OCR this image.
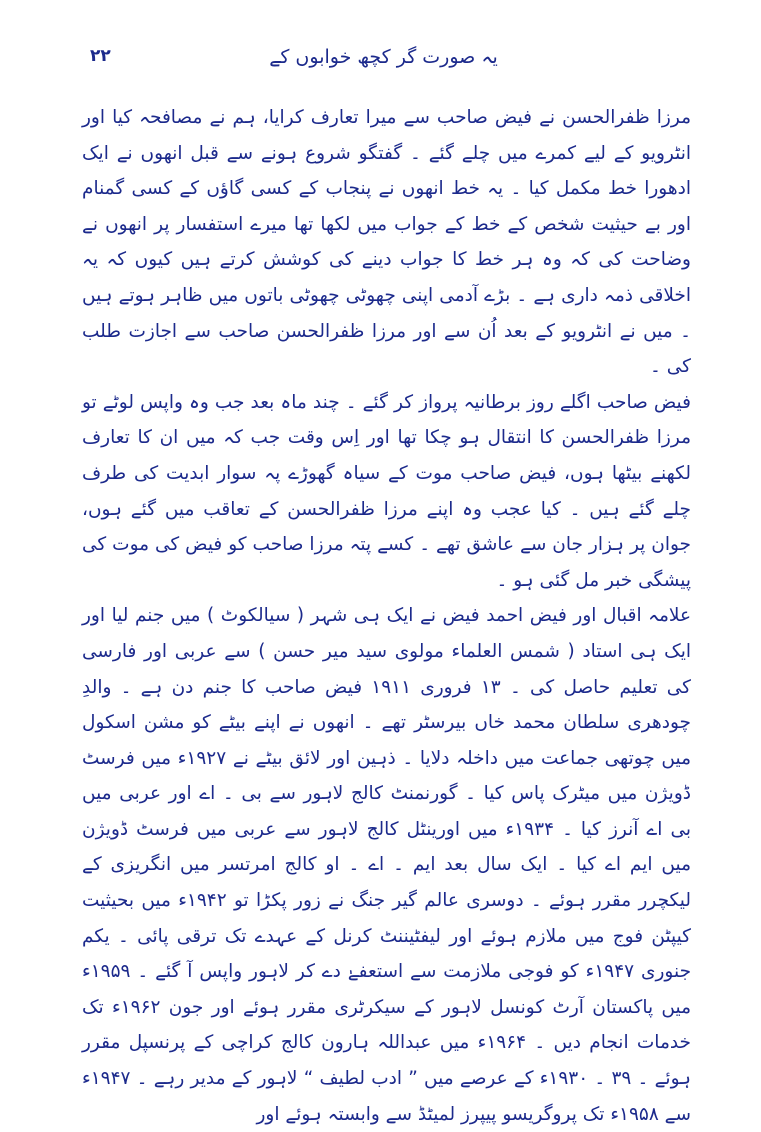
۲۲	یہ صورت گر کچھ خوابوں کے

مرزا ظفرالحسن نے فیض صاحب سے میرا تعارف کرایا، ہم نے مصافحہ کیا اور انٹرویو کے لیے کمرے میں چلے گئے ۔ گفتگو شروع ہونے سے قبل انھوں نے ایک ادھورا خط مکمل کیا ۔ یہ خط انھوں نے پنجاب کے کسی گاؤں کے کسی گمنام اور بے حیثیت شخص کے خط کے جواب میں لکھا تھا میرے استفسار پر انھوں نے وضاحت کی کہ وہ ہر خط کا جواب دینے کی کوشش کرتے ہیں کیوں کہ یہ اخلاقی ذمہ داری ہے ۔ بڑے آدمی اپنی چھوٹی چھوٹی باتوں میں ظاہر ہوتے ہیں ۔ میں نے انٹرویو کے بعد اُن سے اور مرزا ظفرالحسن صاحب سے اجازت طلب کی ۔

فیض صاحب اگلے روز برطانیہ پرواز کر گئے ۔ چند ماہ بعد جب وہ واپس لوٹے تو مرزا ظفرالحسن کا انتقال ہو چکا تھا اور اِس وقت جب کہ میں ان کا تعارف لکھنے بیٹھا ہوں، فیض صاحب موت کے سیاہ گھوڑے پہ سوار ابدیت کی طرف چلے گئے ہیں ۔ کیا عجب وہ اپنے مرزا ظفرالحسن کے تعاقب میں گئے ہوں، جوان پر ہزار جان سے عاشق تھے ۔ کسے پتہ مرزا صاحب کو فیض کی موت کی پیشگی خبر مل گئی ہو ۔

علامہ اقبال اور فیض احمد فیض نے ایک ہی شہر ( سیالکوٹ ) میں جنم لیا اور ایک ہی استاد ( شمس العلماء مولوی سید میر حسن ) سے عربی اور فارسی کی تعلیم حاصل کی ۔ ۱۳ فروری ۱۹۱۱ فیض صاحب کا جنم دن ہے ۔ والدِ چودھری سلطان محمد خاں بیرسٹر تھے ۔ انھوں نے اپنے بیٹے کو مشن اسکول میں چوتھی جماعت میں داخلہ دلایا ۔ ذہین اور لائق بیٹے نے ۱۹۲۷ء میں فرسٹ ڈویژن میں میٹرک پاس کیا ۔ گورنمنٹ کالج لاہور سے بی ۔ اے اور عربی میں بی اے آنرز کیا ۔ ۱۹۳۴ء میں اورینٹل کالج لاہور سے عربی میں فرسٹ ڈویژن میں ایم اے کیا ۔ ایک سال بعد ایم ۔ اے ۔ او کالج امرتسر میں انگریزی کے لیکچرر مقرر ہوئے ۔ دوسری عالم گیر جنگ نے زور پکڑا تو ۱۹۴۲ء میں بحیثیت کیپٹن فوج میں ملازم ہوئے اور لیفٹیننٹ کرنل کے عہدے تک ترقی پائی ۔ یکم جنوری ۱۹۴۷ء کو فوجی ملازمت سے استعفےٰ دے کر لاہور واپس آ گئے ۔ ۱۹۵۹ء میں پاکستان آرٹ کونسل لاہور کے سیکرٹری مقرر ہوئے اور جون ۱۹۶۲ء تک خدمات انجام دیں ۔ ۱۹۶۴ء میں عبداللہ ہارون کالج کراچی کے پرنسپل مقرر ہوئے ۔ ۳۹ ۔ ۱۹۳۰ء کے عرصے میں ” ادب لطیف “ لاہور کے مدیر رہے ۔ ۱۹۴۷ء سے ۱۹۵۸ء تک پروگریسو پیپرز لمیٹڈ سے وابستہ ہوئے اور
